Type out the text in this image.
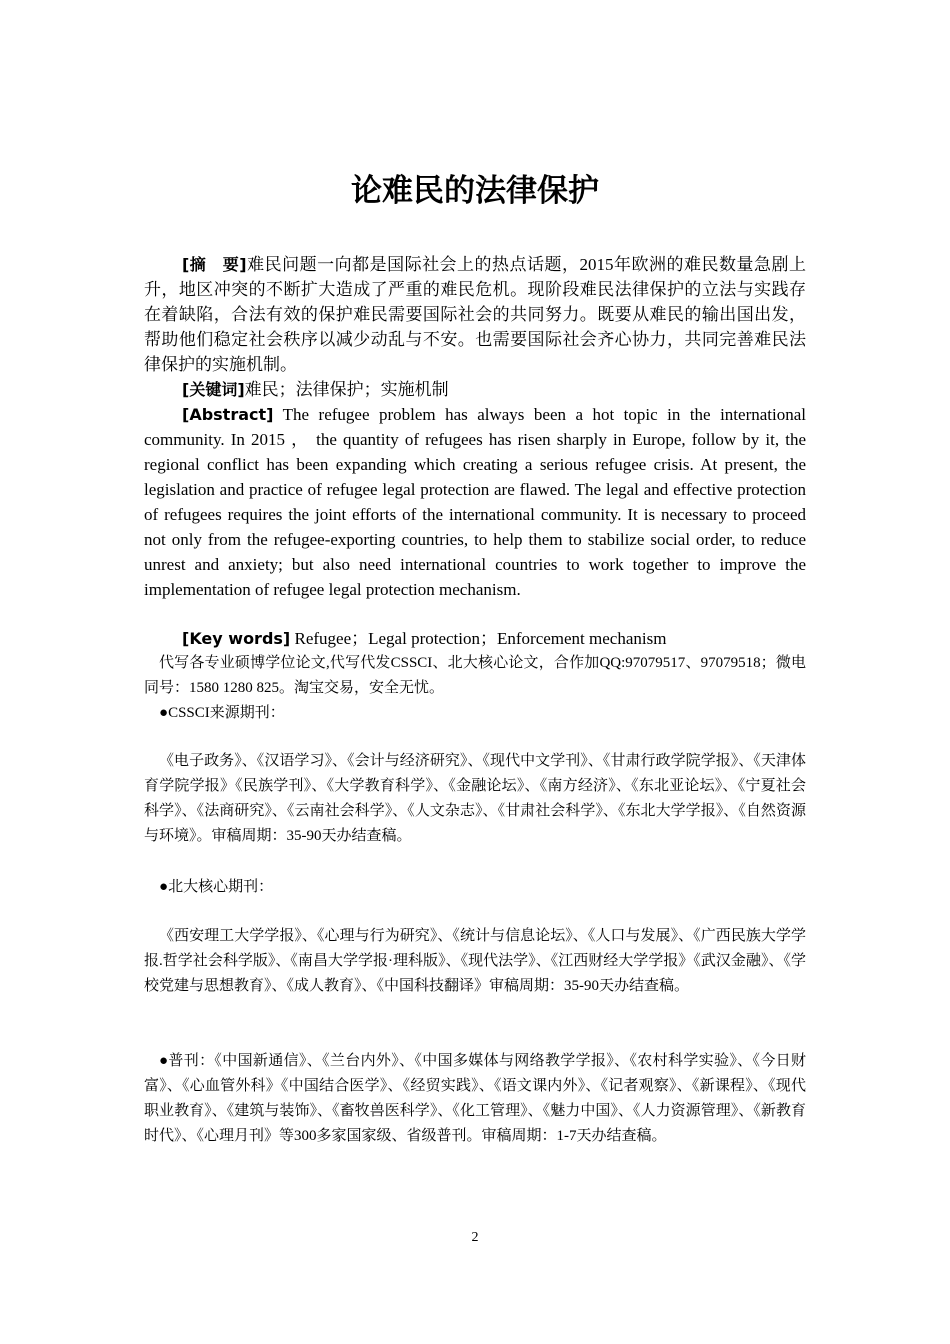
论难民的法律保护

[摘　要]难民问题一向都是国际社会上的热点话题，2015年欧洲的难民数量急剧上升，地区冲突的不断扩大造成了严重的难民危机。现阶段难民法律保护的立法与实践存在着缺陷，合法有效的保护难民需要国际社会的共同努力。既要从难民的输出国出发，帮助他们稳定社会秩序以减少动乱与不安。也需要国际社会齐心协力，共同完善难民法律保护的实施机制。

[关键词]难民；法律保护；实施机制

[Abstract] The refugee problem has always been a hot topic in the international community. In 2015 ， the quantity of refugees has risen sharply in Europe, follow by it, the regional conflict has been expanding which creating a serious refugee crisis. At present, the legislation and practice of refugee legal protection are flawed. The legal and effective protection of refugees requires the joint efforts of the international community. It is necessary to proceed not only from the refugee-exporting countries, to help them to stabilize social order, to reduce unrest and anxiety; but also need international countries to work together to improve the implementation of refugee legal protection mechanism.

[Key words] Refugee；Legal protection；Enforcement mechanism

代写各专业硕博学位论文,代写代发CSSCI、北大核心论文，合作加QQ:97079517、97079518；微电同号：1580 1280 825。淘宝交易，安全无忧。

● CSSCI来源期刊：

《电子政务》、《汉语学习》、《会计与经济研究》、《现代中文学刊》、《甘肃行政学院学报》、《天津体育学院学报》《民族学刊》、《大学教育科学》、《金融论坛》、《南方经济》、《东北亚论坛》、《宁夏社会科学》、《法商研究》、《云南社会科学》、《人文杂志》、《甘肃社会科学》、《东北大学学报》、《自然资源与环境》。审稿周期：35-90天办结查稿。

● 北大核心期刊：

《西安理工大学学报》、《心理与行为研究》、《统计与信息论坛》、《人口与发展》、《广西民族大学学报.哲学社会科学版》、《南昌大学学报·理科版》、《现代法学》、《江西财经大学学报》《武汉金融》、《学校党建与思想教育》、《成人教育》、《中国科技翻译》审稿周期：35-90天办结查稿。

● 普刊：《中国新通信》、《兰台内外》、《中国多媒体与网络教学学报》、《农村科学实验》、《今日财富》、《心血管外科》《中国结合医学》、《经贸实践》、《语文课内外》、《记者观察》、《新课程》、《现代职业教育》、《建筑与装饰》、《畜牧兽医科学》、《化工管理》、《魅力中国》、《人力资源管理》、《新教育时代》、《心理月刊》等300多家国家级、省级普刊。审稿周期：1-7天办结查稿。

2
